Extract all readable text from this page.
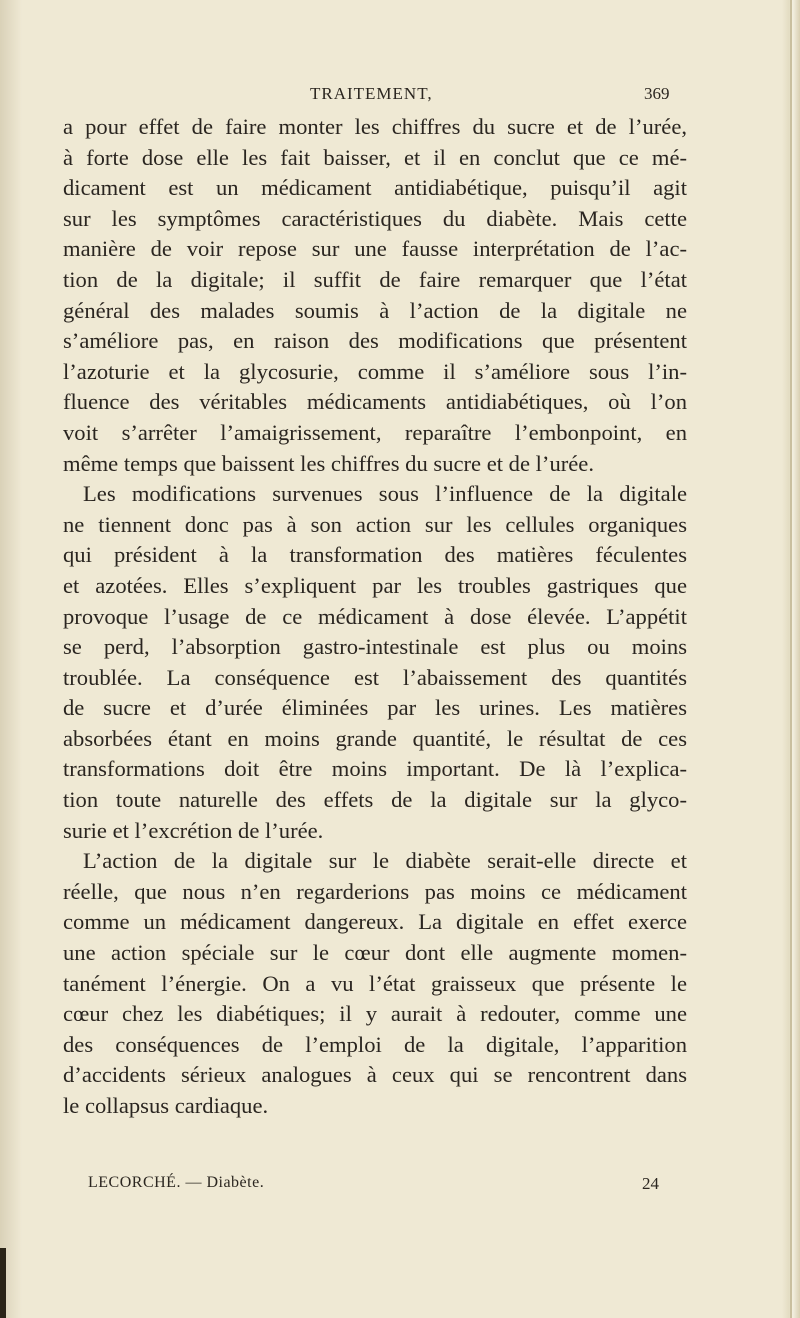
TRAITEMENT,	369
a pour effet de faire monter les chiffres du sucre et de l’urée,
à forte dose elle les fait baisser, et il en conclut que ce mé-
dicament est un médicament antidiabétique, puisqu’il agit
sur les symptômes caractéristiques du diabète. Mais cette
manière de voir repose sur une fausse interprétation de l’ac-
tion de la digitale; il suffit de faire remarquer que l’état
général des malades soumis à l’action de la digitale ne
s’améliore pas, en raison des modifications que présentent
l’azoturie et la glycosurie, comme il s’améliore sous l’in-
fluence des véritables médicaments antidiabétiques, où l’on
voit s’arrêter l’amaigrissement, reparaître l’embonpoint, en
même temps que baissent les chiffres du sucre et de l’urée.
Les modifications survenues sous l’influence de la digitale
ne tiennent donc pas à son action sur les cellules organiques
qui président à la transformation des matières féculentes
et azotées. Elles s’expliquent par les troubles gastriques que
provoque l’usage de ce médicament à dose élevée. L’appétit
se perd, l’absorption gastro-intestinale est plus ou moins
troublée. La conséquence est l’abaissement des quantités
de sucre et d’urée éliminées par les urines. Les matières
absorbées étant en moins grande quantité, le résultat de ces
transformations doit être moins important. De là l’explica-
tion toute naturelle des effets de la digitale sur la glyco-
surie et l’excrétion de l’urée.
L’action de la digitale sur le diabète serait-elle directe et
réelle, que nous n’en regarderions pas moins ce médicament
comme un médicament dangereux. La digitale en effet exerce
une action spéciale sur le cœur dont elle augmente momen-
tanément l’énergie. On a vu l’état graisseux que présente le
cœur chez les diabétiques; il y aurait à redouter, comme une
des conséquences de l’emploi de la digitale, l’apparition
d’accidents sérieux analogues à ceux qui se rencontrent dans
le collapsus cardiaque.
LECORCHÉ. — Diabète.	24
